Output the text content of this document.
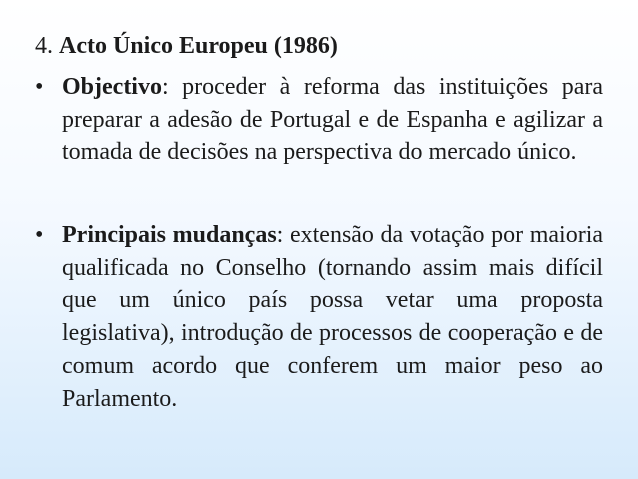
4. Acto Único Europeu (1986)
• Objectivo: proceder à reforma das instituições para preparar a adesão de Portugal e de Espanha e agilizar a tomada de decisões na perspectiva do mercado único.
• Principais mudanças: extensão da votação por maioria qualificada no Conselho (tornando assim mais difícil que um único país possa vetar uma proposta legislativa), introdução de processos de cooperação e de comum acordo que conferem um maior peso ao Parlamento.
